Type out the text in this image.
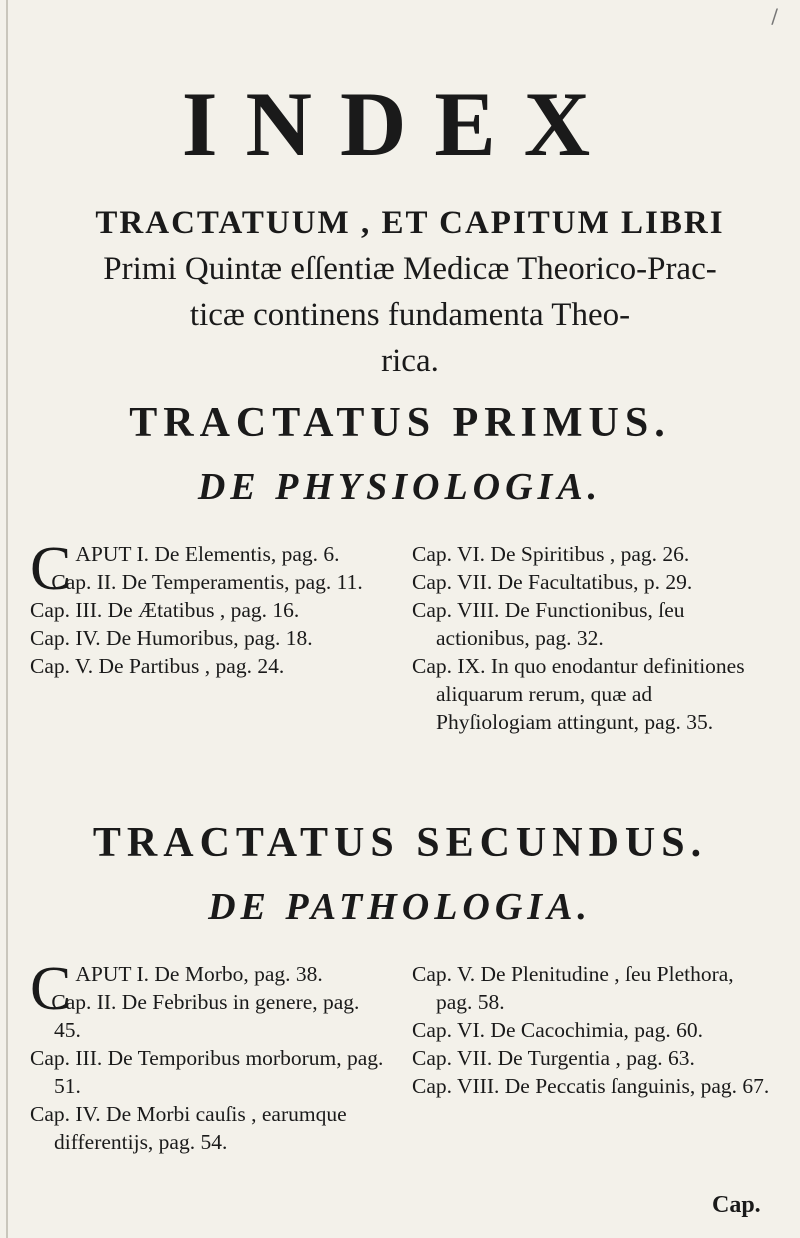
/
INDEX
TRACTATUUM , ET CAPITUM LIBRI
Primi Quintæ eſſentiæ Medicæ Theorico-Prac-
ticæ continens fundamenta Theo-
rica.
TRACTATUS PRIMUS.
DE PHYSIOLOGIA.

C APUT I. De Elementis, pag. 6.

Cap. II. De Temperamentis, pag. 11.

Cap. III. De Ætatibus , pag. 16.

Cap. IV. De Humoribus, pag. 18.

Cap. V. De Partibus , pag. 24.

Cap. VI. De Spiritibus , pag. 26.

Cap. VII. De Facultatibus, p. 29.

Cap. VIII. De Functionibus, ſeu actionibus, pag. 32.

Cap. IX. In quo enodantur definitiones aliquarum rerum, quæ ad Phyſiologiam attingunt, pag. 35.

TRACTATUS SECUNDUS.
DE PATHOLOGIA.

C APUT I. De Morbo, pag. 38.

Cap. II. De Febribus in genere, pag. 45.

Cap. III. De Temporibus morborum, pag. 51.

Cap. IV. De Morbi cauſis , earumque differentijs, pag. 54.

Cap. V. De Plenitudine , ſeu Plethora, pag. 58.

Cap. VI. De Cacochimia, pag. 60.

Cap. VII. De Turgentia , pag. 63.

Cap. VIII. De Peccatis ſanguinis, pag. 67.

Cap.
